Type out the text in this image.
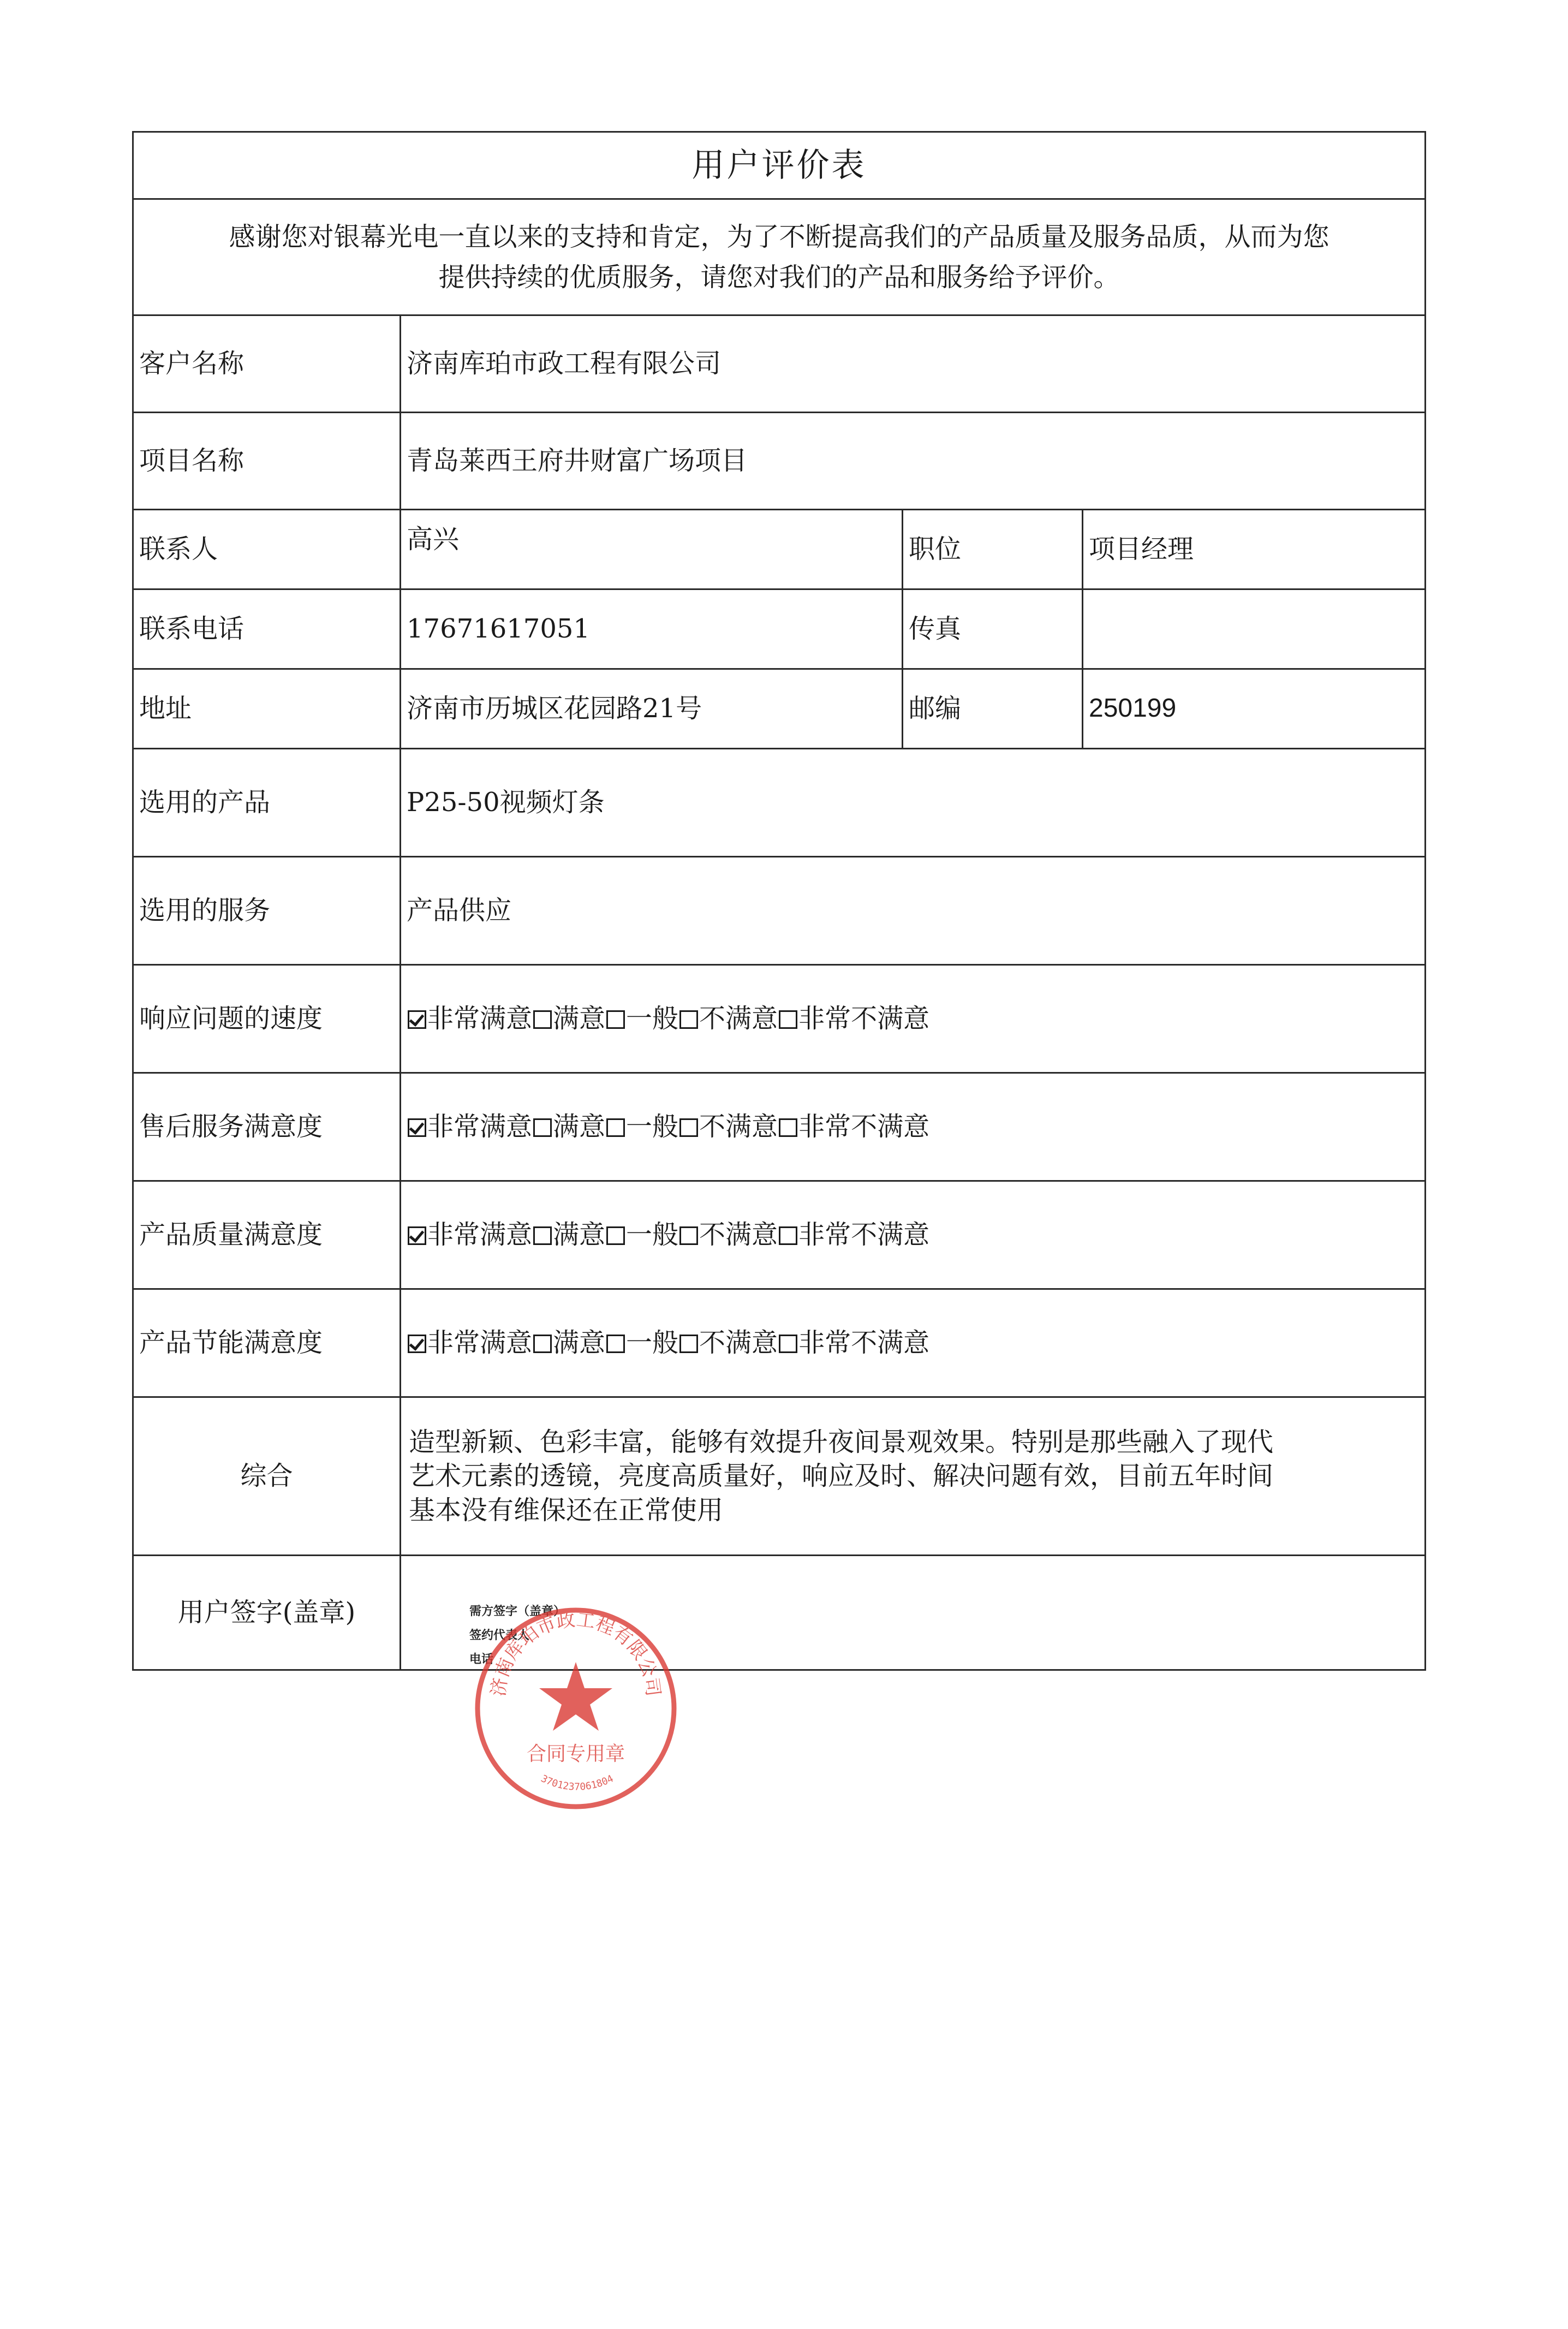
用户评价表			

感谢您对银幕光电一直以来的支持和肯定，为了不断提高我们的产品质量及服务品质，从而为您
提供持续的优质服务，请您对我们的产品和服务给予评价。			

客户名称	济南库珀市政工程有限公司		
项目名称	青岛莱西王府井财富广场项目		
联系人	高兴	职位	项目经理
联系电话	17671617051	传真	
地址	济南市历城区花园路21号	邮编	250199
选用的产品	P25-50视频灯条		
选用的服务	产品供应		
响应问题的速度	非常满意 满意 一般 不满意 非常不满意		
售后服务满意度	非常满意 满意 一般 不满意 非常不满意		
产品质量满意度	非常满意 满意 一般 不满意 非常不满意		
产品节能满意度	非常满意 满意 一般 不满意 非常不满意		
综合	造型新颖、色彩丰富，能够有效提升夜间景观效果。特别是那些融入了现代
艺术元素的透镜，亮度高质量好，响应及时、解决问题有效，目前五年时间
基本没有维保还在正常使用		

用户签字(盖章)				需方签字（盖章）
签约代表人
电话
济南库珀市政工程有限公司
合同专用章
3701237061804
